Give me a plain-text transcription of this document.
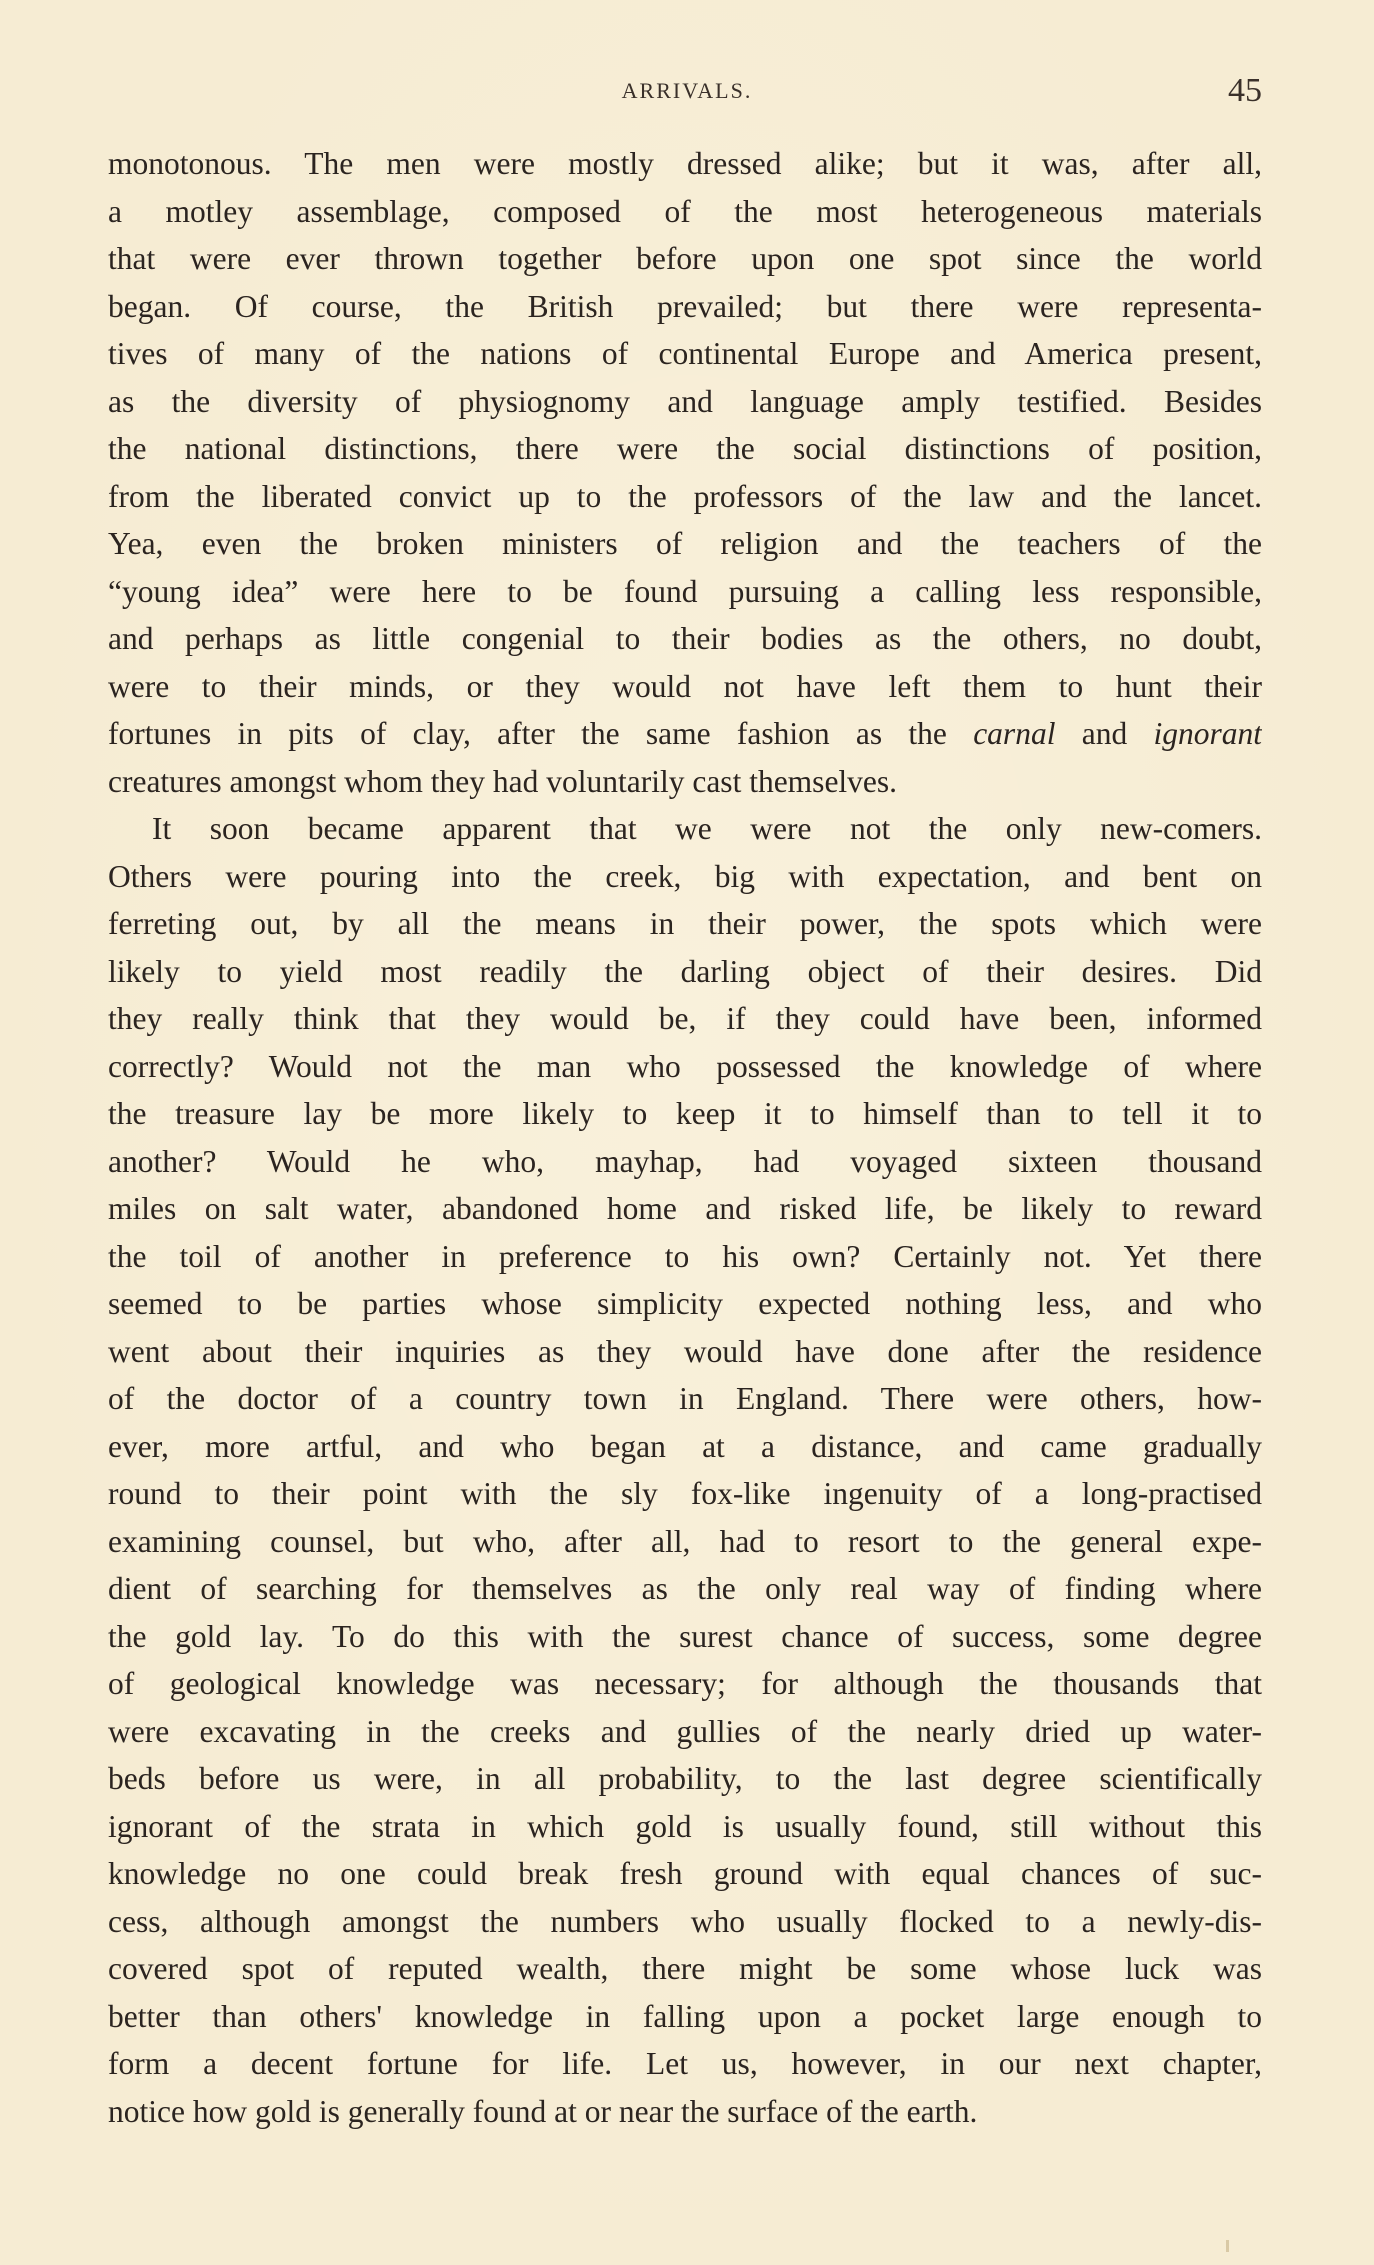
ARRIVALS.	45
monotonous. The men were mostly dressed alike; but it was, after all,
a motley assemblage, composed of the most heterogeneous materials
that were ever thrown together before upon one spot since the world
began. Of course, the British prevailed; but there were representa-
tives of many of the nations of continental Europe and America present,
as the diversity of physiognomy and language amply testified. Besides
the national distinctions, there were the social distinctions of position,
from the liberated convict up to the professors of the law and the lancet.
Yea, even the broken ministers of religion and the teachers of the
“young idea” were here to be found pursuing a calling less responsible,
and perhaps as little congenial to their bodies as the others, no doubt,
were to their minds, or they would not have left them to hunt their
fortunes in pits of clay, after the same fashion as the carnal and ignorant
creatures amongst whom they had voluntarily cast themselves.
It soon became apparent that we were not the only new-comers.
Others were pouring into the creek, big with expectation, and bent on
ferreting out, by all the means in their power, the spots which were
likely to yield most readily the darling object of their desires. Did
they really think that they would be, if they could have been, informed
correctly? Would not the man who possessed the knowledge of where
the treasure lay be more likely to keep it to himself than to tell it to
another? Would he who, mayhap, had voyaged sixteen thousand
miles on salt water, abandoned home and risked life, be likely to reward
the toil of another in preference to his own? Certainly not. Yet there
seemed to be parties whose simplicity expected nothing less, and who
went about their inquiries as they would have done after the residence
of the doctor of a country town in England. There were others, how-
ever, more artful, and who began at a distance, and came gradually
round to their point with the sly fox-like ingenuity of a long-practised
examining counsel, but who, after all, had to resort to the general expe-
dient of searching for themselves as the only real way of finding where
the gold lay. To do this with the surest chance of success, some degree
of geological knowledge was necessary; for although the thousands that
were excavating in the creeks and gullies of the nearly dried up water-
beds before us were, in all probability, to the last degree scientifically
ignorant of the strata in which gold is usually found, still without this
knowledge no one could break fresh ground with equal chances of suc-
cess, although amongst the numbers who usually flocked to a newly-dis-
covered spot of reputed wealth, there might be some whose luck was
better than others' knowledge in falling upon a pocket large enough to
form a decent fortune for life. Let us, however, in our next chapter,
notice how gold is generally found at or near the surface of the earth.
